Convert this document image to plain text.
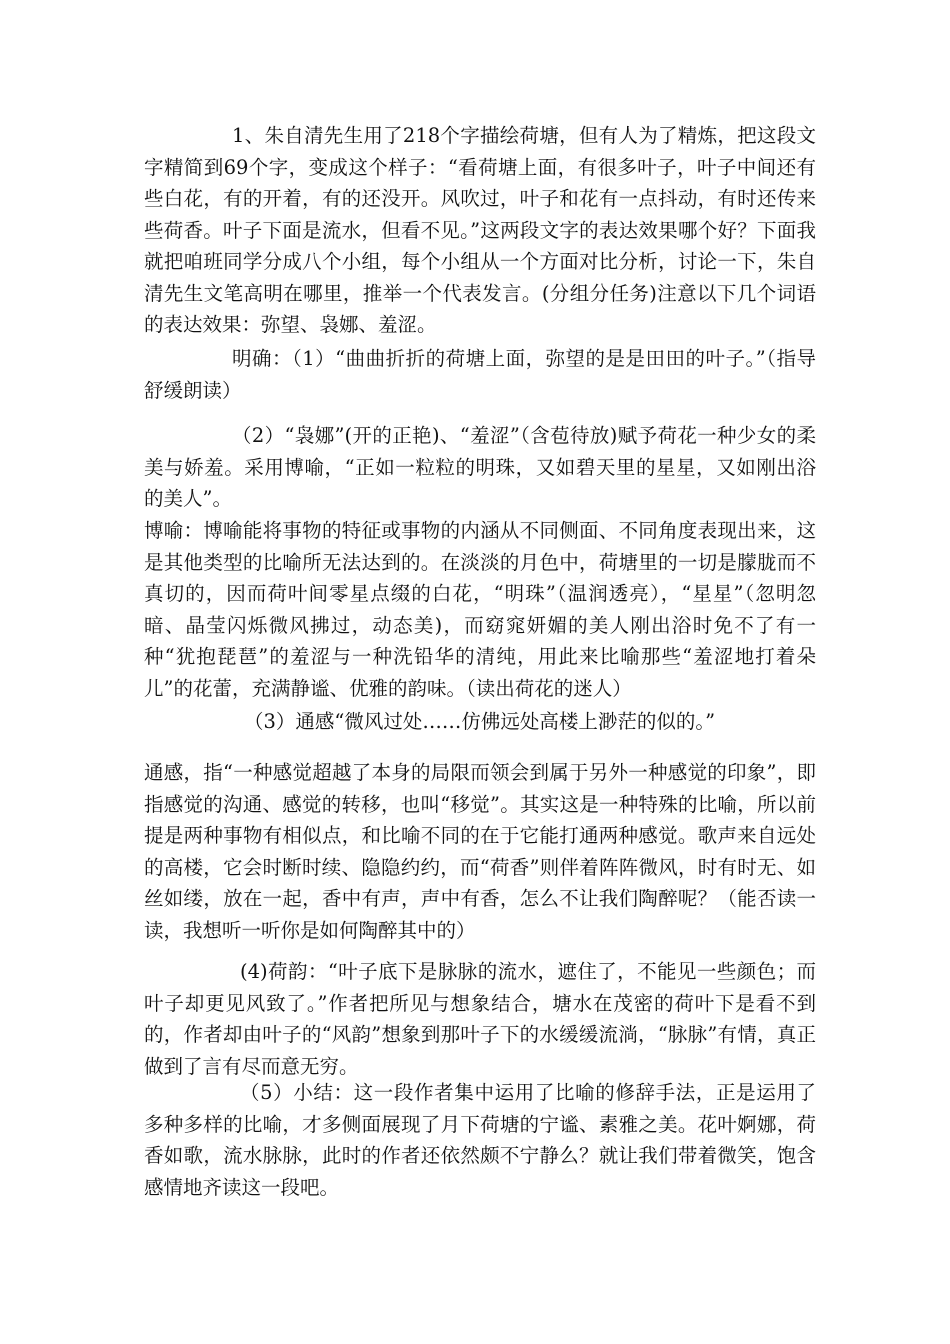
1、朱自清先生用了218个字描绘荷塘，但有人为了精炼，把这段文字精简到69个字，变成这个样子：“看荷塘上面，有很多叶子，叶子中间还有些白花，有的开着，有的还没开。风吹过，叶子和花有一点抖动，有时还传来些荷香。叶子下面是流水，但看不见。”这两段文字的表达效果哪个好？下面我就把咱班同学分成八个小组，每个小组从一个方面对比分析，讨论一下，朱自清先生文笔高明在哪里，推举一个代表发言。(分组分任务)注意以下几个词语的表达效果：弥望、袅娜、羞涩。

明确：（1）“曲曲折折的荷塘上面，弥望的是是田田的叶子。”（指导舒缓朗读）

（2）“袅娜”(开的正艳)、“羞涩”（含苞待放)赋予荷花一种少女的柔美与娇羞。采用博喻，“正如一粒粒的明珠，又如碧天里的星星，又如刚出浴的美人”。

博喻：博喻能将事物的特征或事物的内涵从不同侧面、不同角度表现出来，这是其他类型的比喻所无法达到的。在淡淡的月色中，荷塘里的一切是朦胧而不真切的，因而荷叶间零星点缀的白花，“明珠”（温润透亮），“星星”（忽明忽暗、晶莹闪烁微风拂过，动态美)，而窈窕妍媚的美人刚出浴时免不了有一种“犹抱琵琶”的羞涩与一种洗铅华的清纯，用此来比喻那些“羞涩地打着朵儿”的花蕾，充满静谧、优雅的韵味。（读出荷花的迷人）

（3）通感“微风过处……仿佛远处高楼上渺茫的似的。”

通感，指“一种感觉超越了本身的局限而领会到属于另外一种感觉的印象”，即指感觉的沟通、感觉的转移，也叫“移觉”。其实这是一种特殊的比喻，所以前提是两种事物有相似点，和比喻不同的在于它能打通两种感觉。歌声来自远处的高楼，它会时断时续、隐隐约约，而“荷香”则伴着阵阵微风，时有时无、如丝如缕，放在一起，香中有声，声中有香，怎么不让我们陶醉呢？（能否读一读，我想听一听你是如何陶醉其中的）

(4)荷韵：“叶子底下是脉脉的流水，遮住了，不能见一些颜色；而叶子却更见风致了。”作者把所见与想象结合，塘水在茂密的荷叶下是看不到的，作者却由叶子的“风韵”想象到那叶子下的水缓缓流淌，“脉脉”有情，真正做到了言有尽而意无穷。

（5）小结：这一段作者集中运用了比喻的修辞手法，正是运用了多种多样的比喻，才多侧面展现了月下荷塘的宁谧、素雅之美。花叶婀娜，荷香如歌，流水脉脉，此时的作者还依然颇不宁静么？就让我们带着微笑，饱含感情地齐读这一段吧。
